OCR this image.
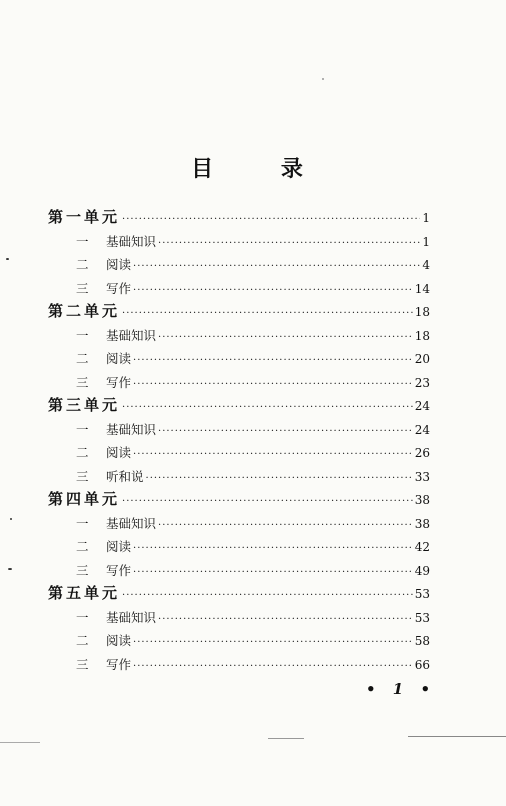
目 录
第一单元 ·····	1
一	基础知识 ·····	1
二	阅读 ·····	4
三	写作 ·····	14
第二单元 ·····	18
一	基础知识 ·····	18
二	阅读 ·····	20
三	写作 ·····	23
第三单元 ·····	24
一	基础知识 ·····	24
二	阅读 ·····	26
三	听和说 ·····	33
第四单元 ·····	38
一	基础知识 ·····	38
二	阅读 ·····	42
三	写作 ·····	49
第五单元 ·····	53
一	基础知识 ·····	53
二	阅读 ·····	58
三	写作 ·····	66
• 1 •
